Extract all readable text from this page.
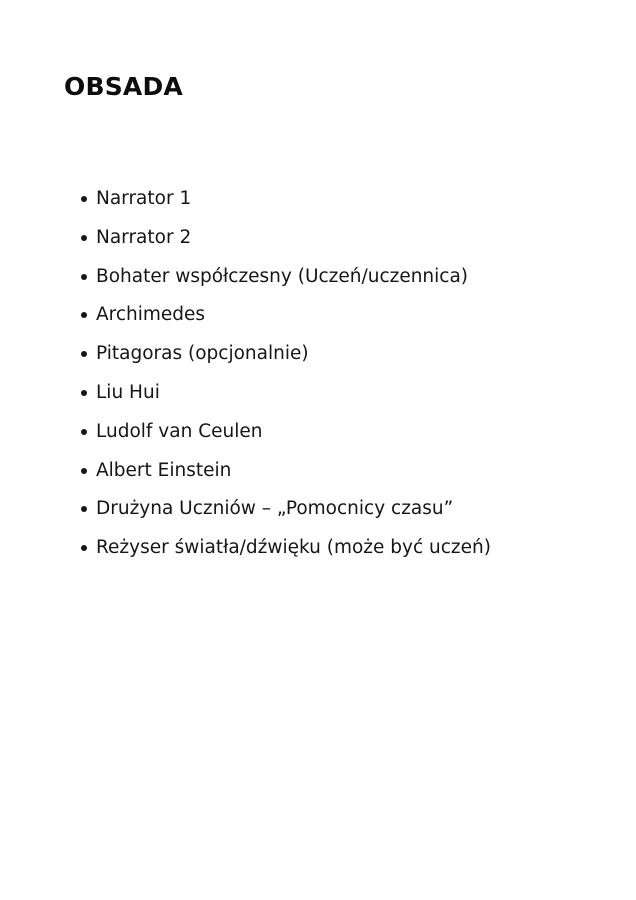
OBSADA
Narrator 1
Narrator 2
Bohater współczesny (Uczeń/uczennica)
Archimedes
Pitagoras (opcjonalnie)
Liu Hui
Ludolf van Ceulen
Albert Einstein
Drużyna Uczniów – „Pomocnicy czasu”
Reżyser światła/dźwięku (może być uczeń)
